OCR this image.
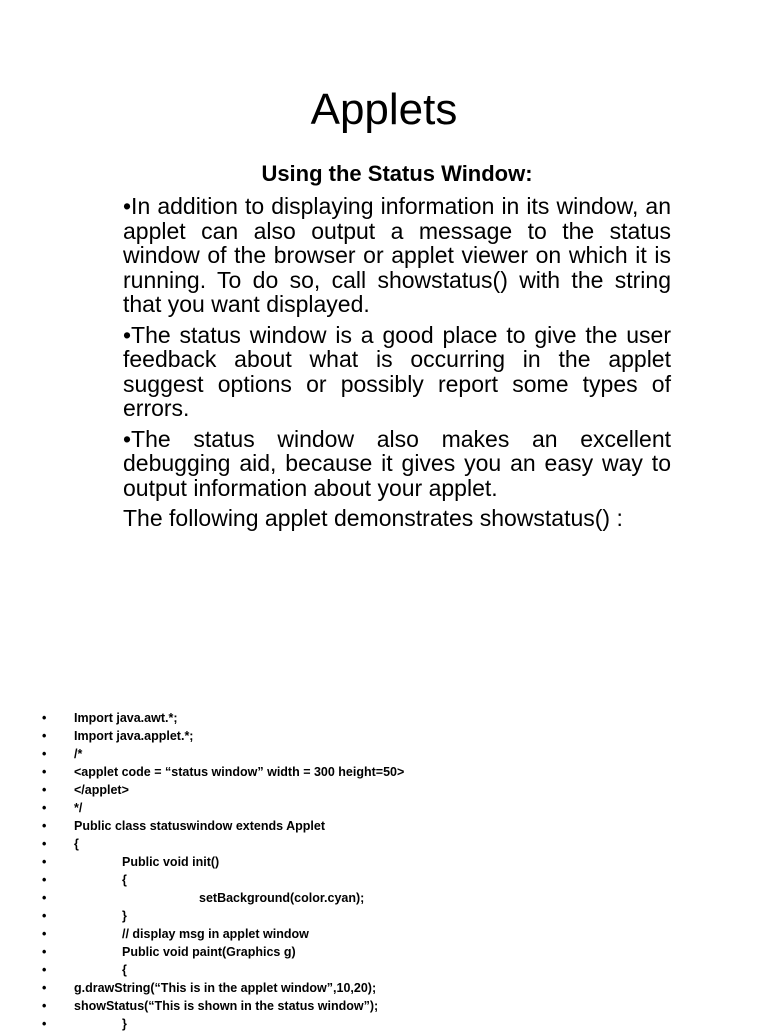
Applets
Using the Status Window:

•In addition to displaying information in its window, an applet can also output a message to the status window of the browser or applet viewer on which it is running. To do so, call showstatus() with the string that you want displayed.

•The status window is a good place to give the user feedback about what is occurring in the applet suggest options or possibly report some types of errors.

•The status window also makes an excellent debugging aid, because it gives you an easy way to output information about your applet.

The following applet demonstrates showstatus() :

• Import java.awt.*;
• Import java.applet.*;
• /*
• <applet code = “status window” width = 300 height=50>
• </applet>
• */
• Public class statuswindow extends Applet
• {
•	Public void init()
•	{
•	setBackground(color.cyan);
•	}
•	// display msg in applet window
•	Public void paint(Graphics g)
•	{
• g.drawString(“This is in the applet window”,10,20);
• showStatus(“This is shown in the status window”);
•	}
